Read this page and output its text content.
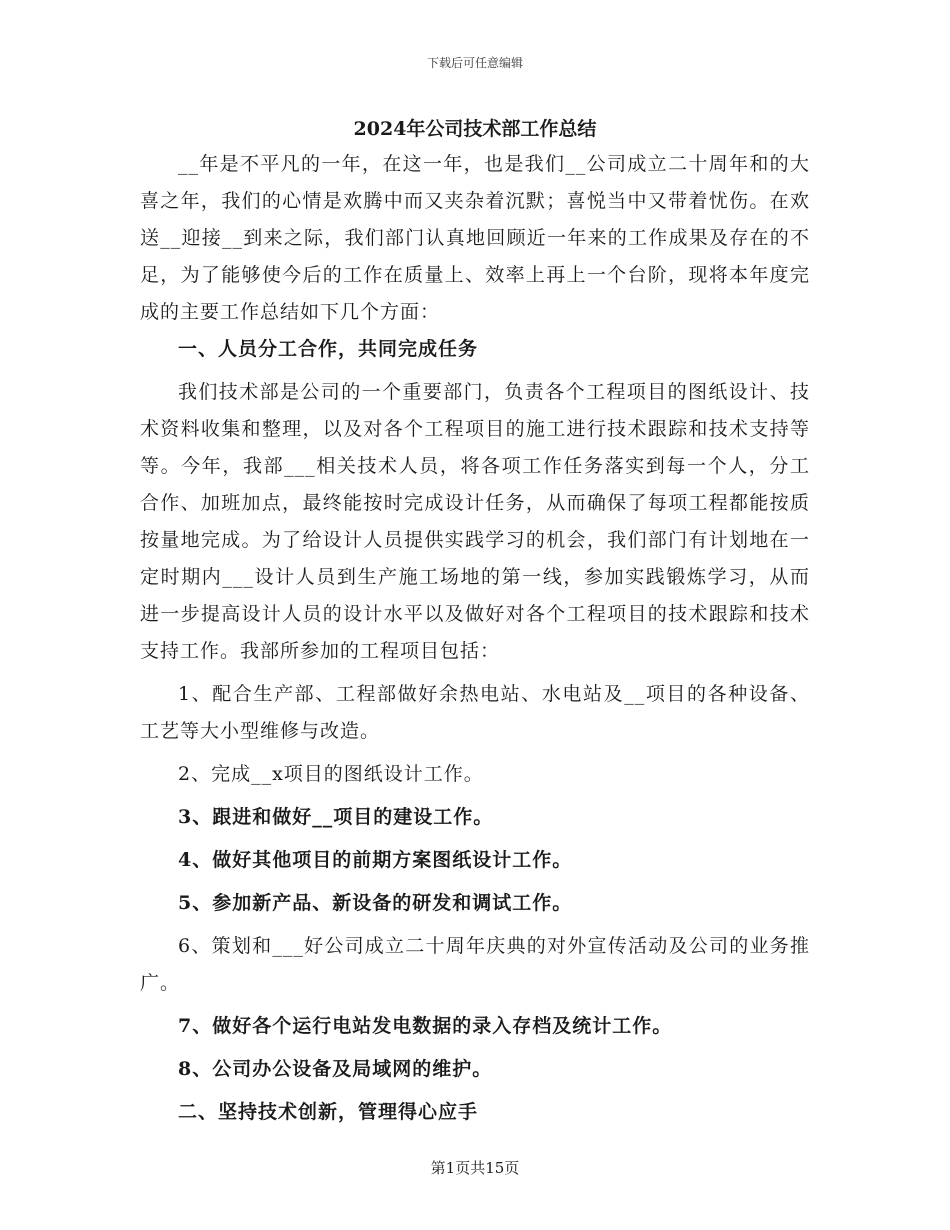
下载后可任意编辑
2024年公司技术部工作总结

__年是不平凡的一年，在这一年，也是我们__公司成立二十周年和的大喜之年，我们的心情是欢腾中而又夹杂着沉默；喜悦当中又带着忧伤。在欢送__迎接__到来之际，我们部门认真地回顾近一年来的工作成果及存在的不足，为了能够使今后的工作在质量上、效率上再上一个台阶，现将本年度完成的主要工作总结如下几个方面：

一、人员分工合作，共同完成任务

我们技术部是公司的一个重要部门，负责各个工程项目的图纸设计、技术资料收集和整理，以及对各个工程项目的施工进行技术跟踪和技术支持等等。今年，我部___相关技术人员，将各项工作任务落实到每一个人，分工合作、加班加点，最终能按时完成设计任务，从而确保了每项工程都能按质按量地完成。为了给设计人员提供实践学习的机会，我们部门有计划地在一定时期内___设计人员到生产施工场地的第一线，参加实践锻炼学习，从而进一步提高设计人员的设计水平以及做好对各个工程项目的技术跟踪和技术支持工作。我部所参加的工程项目包括：

1、配合生产部、工程部做好余热电站、水电站及__项目的各种设备、工艺等大小型维修与改造。

2、完成__x项目的图纸设计工作。

3、跟进和做好__项目的建设工作。

4、做好其他项目的前期方案图纸设计工作。

5、参加新产品、新设备的研发和调试工作。

6、策划和___好公司成立二十周年庆典的对外宣传活动及公司的业务推广。

7、做好各个运行电站发电数据的录入存档及统计工作。

8、公司办公设备及局域网的维护。

二、坚持技术创新，管理得心应手

第1页共15页
